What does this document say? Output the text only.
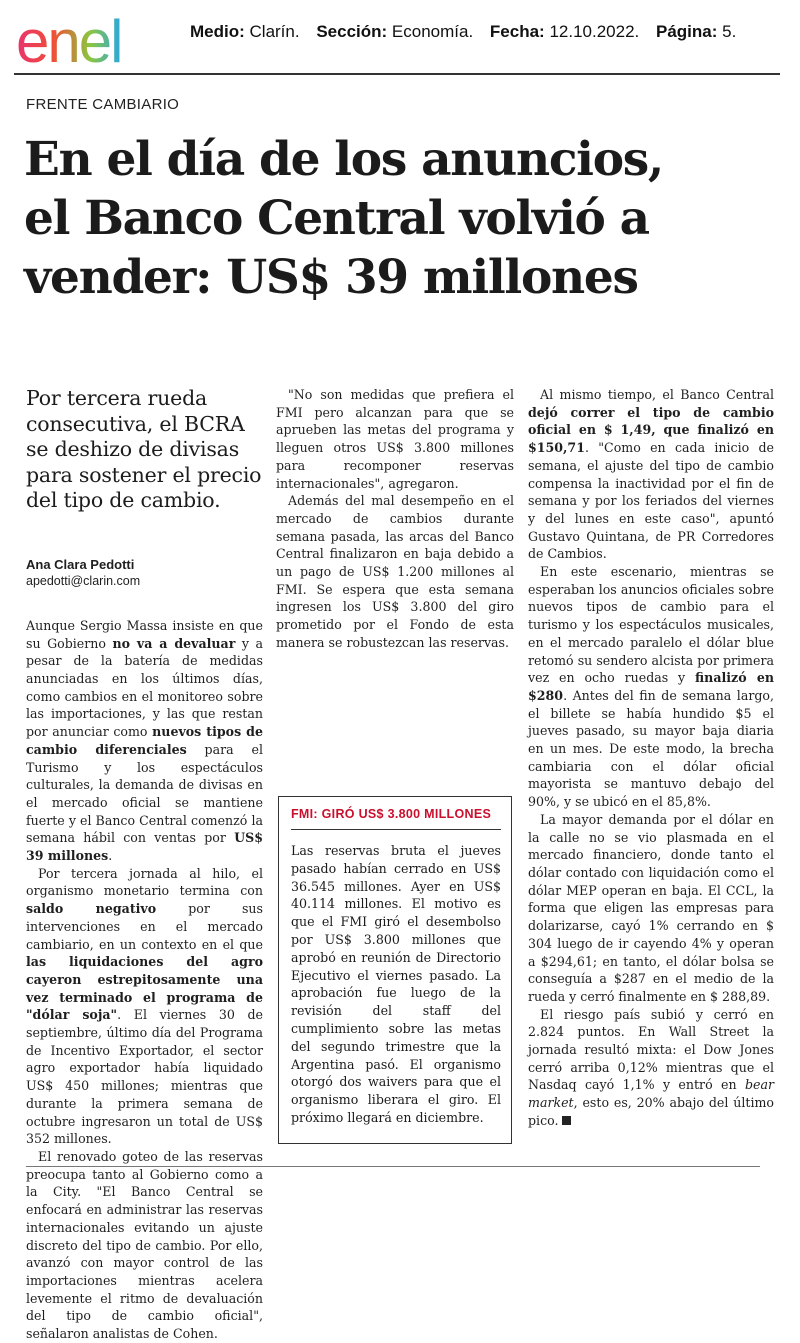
enel	Medio: Clarín. Sección: Economía. Fecha: 12.10.2022. Página: 5.
FRENTE CAMBIARIO
En el día de los anuncios,
el Banco Central volvió a
vender: US$ 39 millones

Por tercera rueda consecutiva, el BCRA se deshizo de divisas para sostener el precio del tipo de cambio.

Ana Clara Pedotti

apedotti@clarin.com

Aunque Sergio Massa insiste en que su Gobierno no va a devaluar y a pesar de la batería de medidas anunciadas en los últimos días, como cambios en el monitoreo sobre las importaciones, y las que restan por anunciar como nuevos tipos de cambio diferenciales para el Turismo y los espectáculos culturales, la demanda de divisas en el mercado oficial se mantiene fuerte y el Banco Central comenzó la semana hábil con ventas por US$ 39 millones.

Por tercera jornada al hilo, el organismo monetario termina con saldo negativo por sus intervenciones en el mercado cambiario, en un contexto en el que las liquidaciones del agro cayeron estrepitosamente una vez terminado el programa de "dólar soja". El viernes 30 de septiembre, último día del Programa de Incentivo Exportador, el sector agro exportador había liquidado US$ 450 millones; mientras que durante la primera semana de octubre ingresaron un total de US$ 352 millones.

El renovado goteo de las reservas preocupa tanto al Gobierno como a la City. "El Banco Central se enfocará en administrar las reservas internacionales evitando un ajuste discreto del tipo de cambio. Por ello, avanzó con mayor control de las importaciones mientras acelera levemente el ritmo de devaluación del tipo de cambio oficial", señalaron analistas de Cohen.

"No son medidas que prefiera el FMI pero alcanzan para que se aprueben las metas del programa y lleguen otros US$ 3.800 millones para recomponer reservas internacionales", agregaron.

Además del mal desempeño en el mercado de cambios durante semana pasada, las arcas del Banco Central finalizaron en baja debido a un pago de US$ 1.200 millones al FMI. Se espera que esta semana ingresen los US$ 3.800 del giro prometido por el Fondo de esta manera se robustezcan las reservas.

FMI: GIRÓ US$ 3.800 MILLONES

Las reservas bruta el jueves pasado habían cerrado en US$ 36.545 millones. Ayer en US$ 40.114 millones. El motivo es que el FMI giró el desembolso por US$ 3.800 millones que aprobó en reunión de Directorio Ejecutivo el viernes pasado. La aprobación fue luego de la revisión del staff del cumplimiento sobre las metas del segundo trimestre que la Argentina pasó. El organismo otorgó dos waivers para que el organismo liberara el giro. El próximo llegará en diciembre.

Al mismo tiempo, el Banco Central dejó correr el tipo de cambio oficial en $ 1,49, que finalizó en $150,71. "Como en cada inicio de semana, el ajuste del tipo de cambio compensa la inactividad por el fin de semana y por los feriados del viernes y del lunes en este caso", apuntó Gustavo Quintana, de PR Corredores de Cambios.

En este escenario, mientras se esperaban los anuncios oficiales sobre nuevos tipos de cambio para el turismo y los espectáculos musicales, en el mercado paralelo el dólar blue retomó su sendero alcista por primera vez en ocho ruedas y finalizó en $280. Antes del fin de semana largo, el billete se había hundido $5 el jueves pasado, su mayor baja diaria en un mes. De este modo, la brecha cambiaria con el dólar oficial mayorista se mantuvo debajo del 90%, y se ubicó en el 85,8%.

La mayor demanda por el dólar en la calle no se vio plasmada en el mercado financiero, donde tanto el dólar contado con liquidación como el dólar MEP operan en baja. El CCL, la forma que eligen las empresas para dolarizarse, cayó 1% cerrando en $ 304 luego de ir cayendo 4% y operan a $294,61; en tanto, el dólar bolsa se conseguía a $287 en el medio de la rueda y cerró finalmente en $ 288,89.

El riesgo país subió y cerró en 2.824 puntos. En Wall Street la jornada resultó mixta: el Dow Jones cerró arriba 0,12% mientras que el Nasdaq cayó 1,1% y entró en bear market, esto es, 20% abajo del último pico.
